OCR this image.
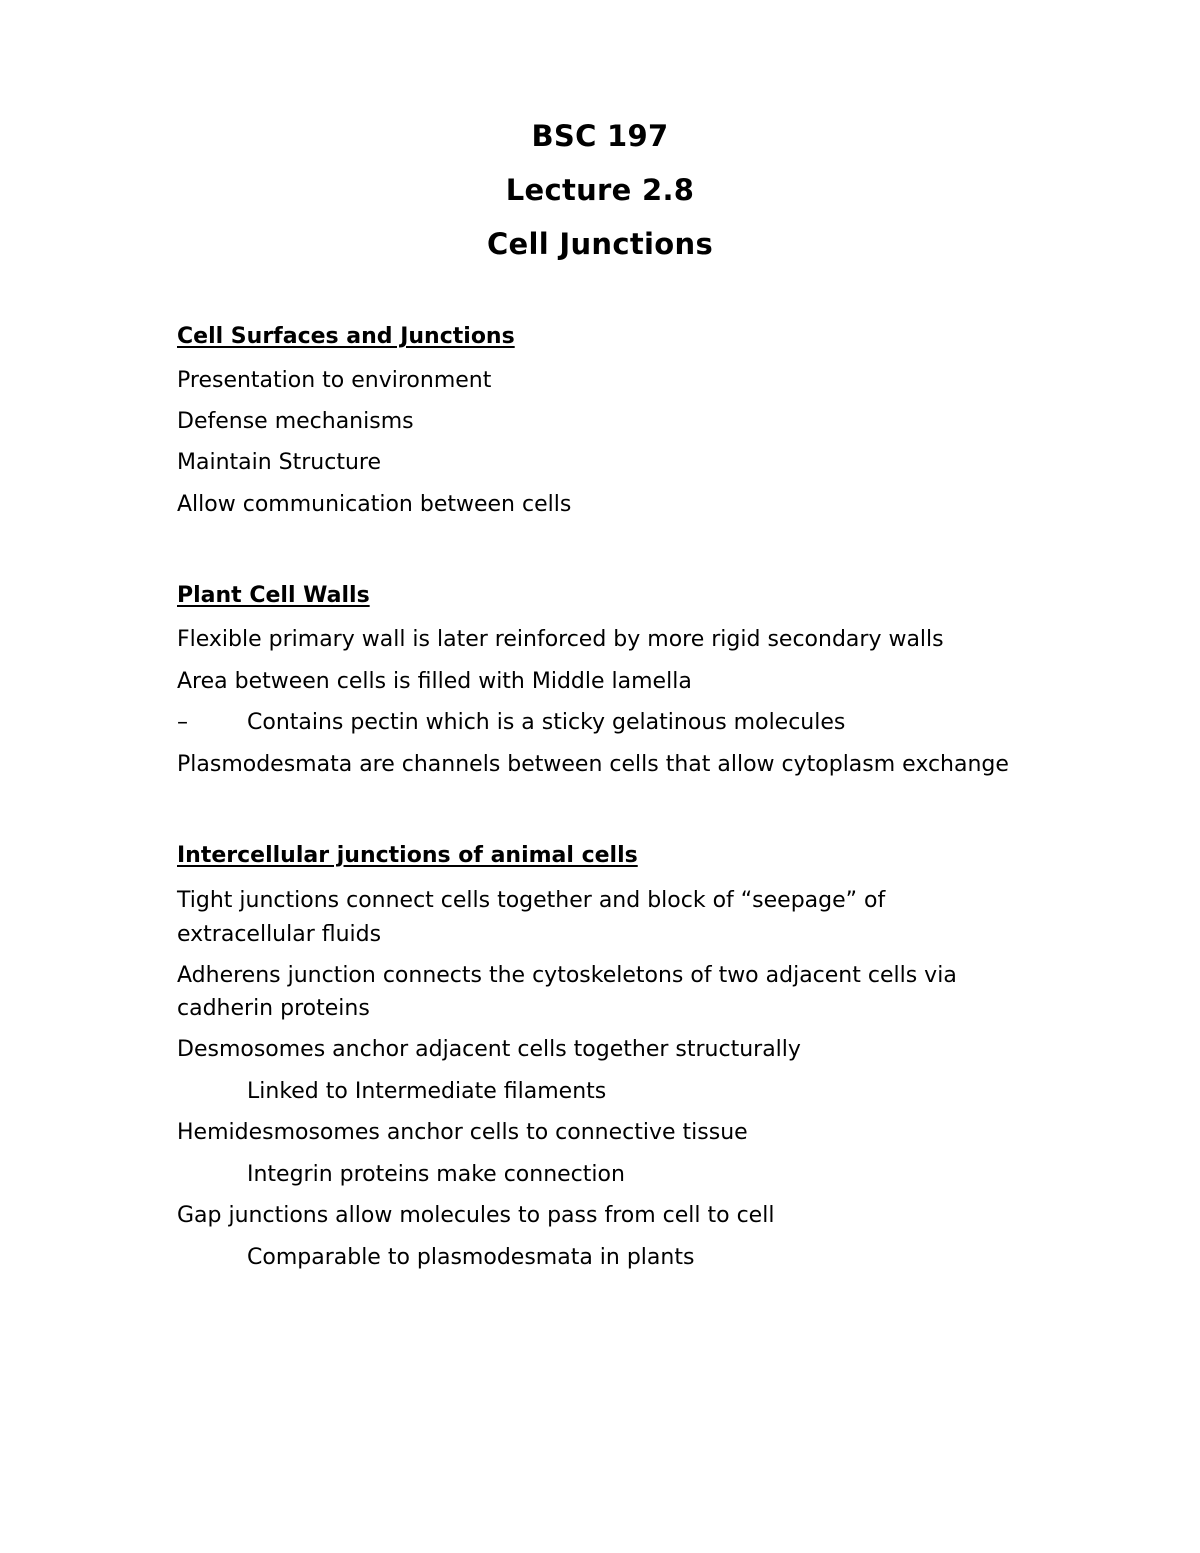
BSC 197
Lecture 2.8
Cell Junctions
Cell Surfaces and Junctions
Presentation to environment
Defense mechanisms
Maintain Structure
Allow communication between cells
Plant Cell Walls
Flexible primary wall is later reinforced by more rigid secondary walls
Area between cells is filled with Middle lamella
–	Contains pectin which is a sticky gelatinous molecules
Plasmodesmata are channels between cells that allow cytoplasm exchange
Intercellular junctions of animal cells
Tight junctions connect cells together and block of “seepage” of
extracellular fluids
Adherens junction connects the cytoskeletons of two adjacent cells via
cadherin proteins
Desmosomes anchor adjacent cells together structurally
Linked to Intermediate filaments
Hemidesmosomes anchor cells to connective tissue
Integrin proteins make connection
Gap junctions allow molecules to pass from cell to cell
Comparable to plasmodesmata in plants
